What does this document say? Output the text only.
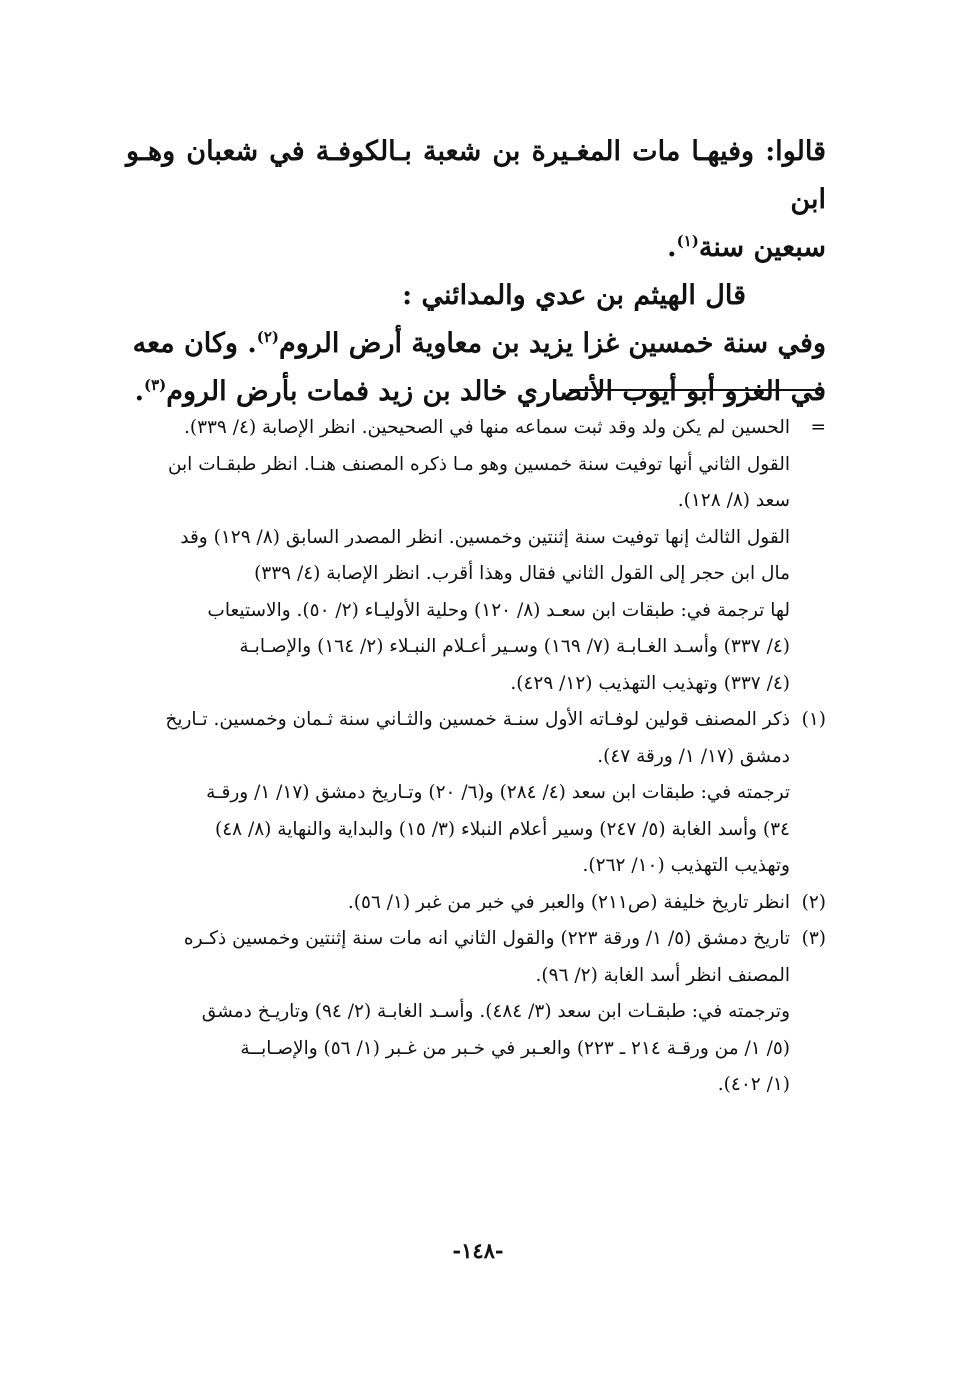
قالوا: وفيهـا مات المغـيرة بن شعبة بـالكوفـة في شعبان وهـو ابن

سبعين سنة$^{(١)}$.

قال الهيثم بن عدي والمدائني :

وفي سنة خمسين غزا يزيد بن معاوية أرض الروم$^{(٢)}$. وكان معه

في الغزو أبو أيوب الأنصاري خالد بن زيد فمات بأرض الروم$^{(٣)}$.

=
الحسين لم يكن ولد وقد ثبت سماعه منها في الصحيحين. انظر الإصابة (٤/ ٣٣٩).
القول الثاني أنها توفيت سنة خمسين وهو مـا ذكره المصنف هنـا. انظر طبقـات ابن
سعد (٨/ ١٢٨).
القول الثالث إنها توفيت سنة إثنتين وخمسين. انظر المصدر السابق (٨/ ١٢٩) وقد
مال ابن حجر إلى القول الثاني فقال وهذا أقرب. انظر الإصابة (٤/ ٣٣٩)
لها ترجمة في: طبقات ابن سعـد (٨/ ١٢٠) وحلية الأوليـاء (٢/ ٥٠). والاستيعاب
(٤/ ٣٣٧) وأسـد الغـابـة (٧/ ١٦٩) وسـير أعـلام النبـلاء (٢/ ١٦٤) والإصـابـة
(٤/ ٣٣٧) وتهذيب التهذيب (١٢/ ٤٢٩).
(١)
ذكر المصنف قولين لوفـاته الأول سنـة خمسين والثـاني سنة ثـمان وخمسين. تـاريخ
دمشق (١٧/ ١/ ورقة ٤٧).
ترجمته في: طبقات ابن سعد (٤/ ٢٨٤) و(٦/ ٢٠) وتـاريخ دمشق (١٧/ ١/ ورقـة
٣٤) وأسد الغابة (٥/ ٢٤٧) وسير أعلام النبلاء (٣/ ١٥) والبداية والنهاية (٨/ ٤٨)
وتهذيب التهذيب (١٠/ ٢٦٢).
(٢)
انظر تاريخ خليفة (ص٢١١) والعبر في خبر من غبر (١/ ٥٦).
(٣)
تاريخ دمشق (٥/ ١/ ورقة ٢٢٣) والقول الثاني انه مات سنة إثنتين وخمسين ذكـره
المصنف انظر أسد الغابة (٢/ ٩٦).
وترجمته في: طبقـات ابن سعد (٣/ ٤٨٤). وأسـد الغابـة (٢/ ٩٤) وتاريـخ دمشق
(٥/ ١/ من ورقـة ٢١٤ ـ ٢٢٣) والعـبر في خـبر من غـبر (١/ ٥٦) والإصـابــة
(١/ ٤٠٢).
-١٤٨-
